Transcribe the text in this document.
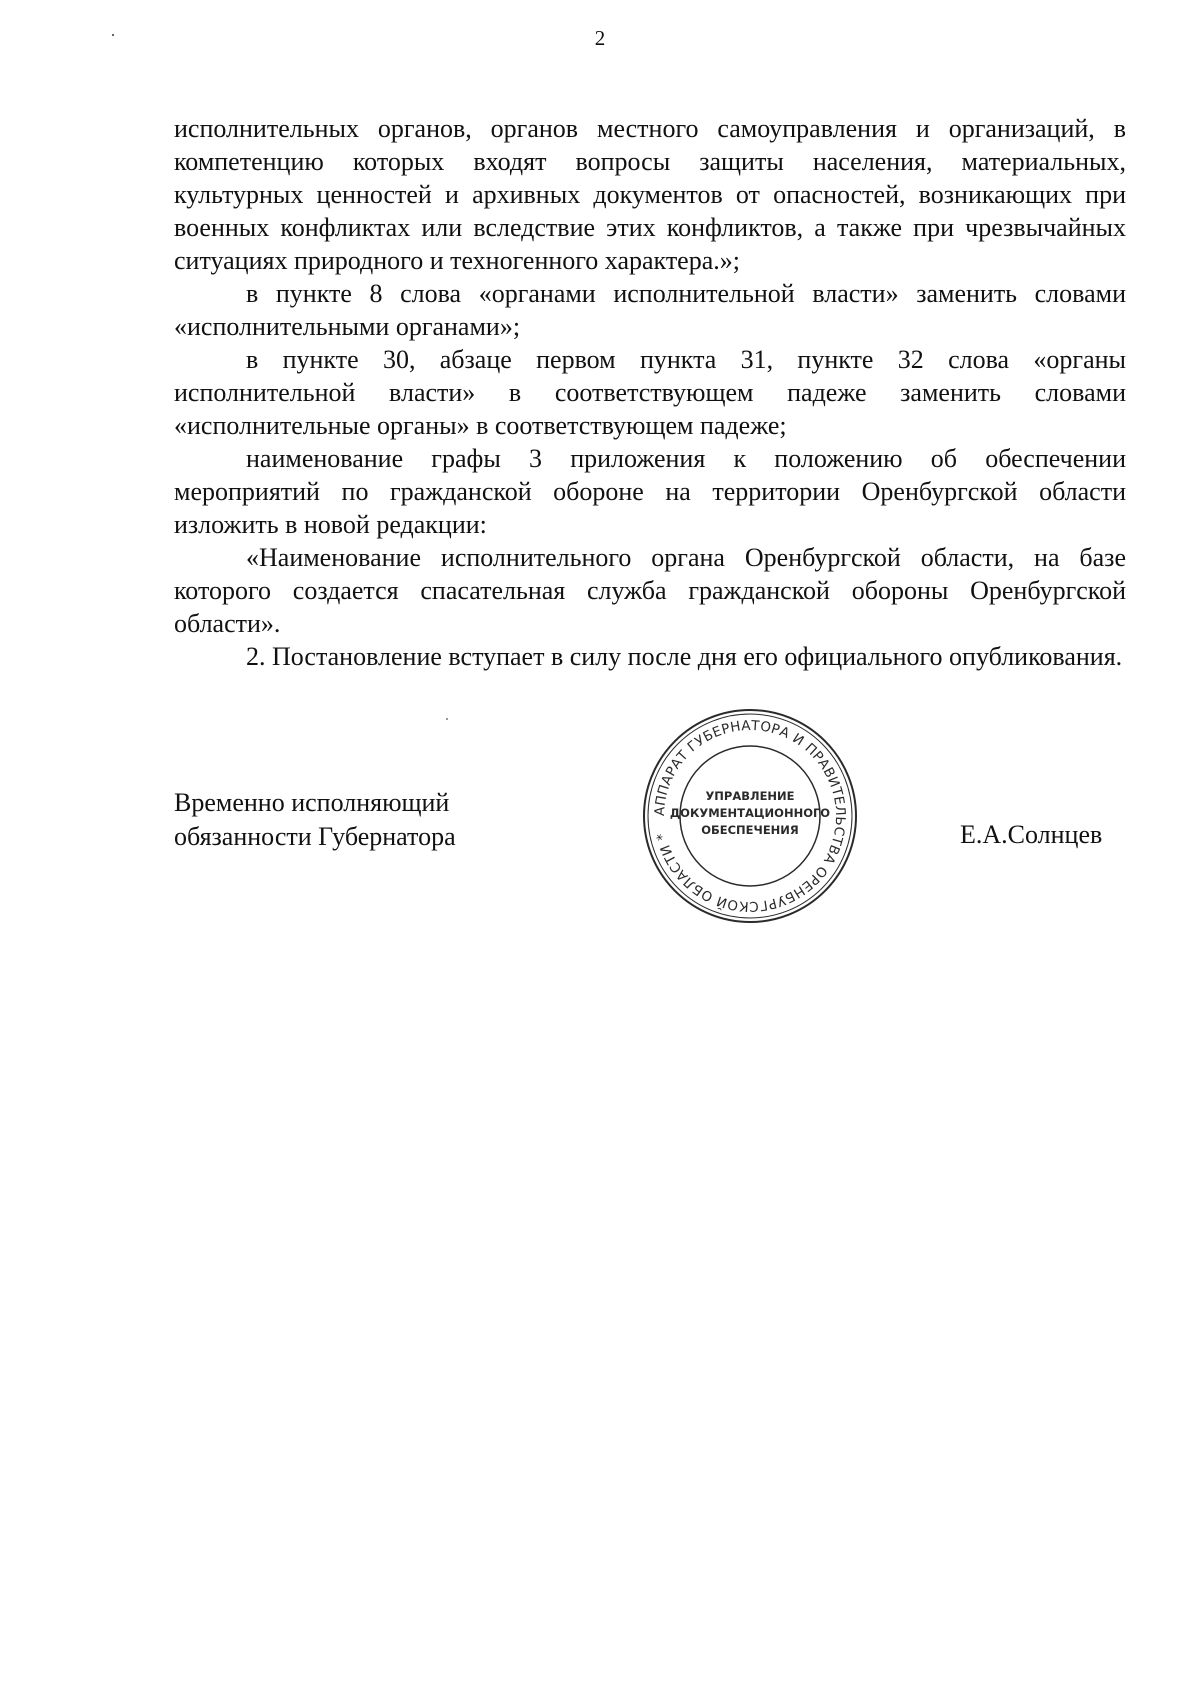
2

исполнительных органов, органов местного самоуправления и организаций, в компетенцию которых входят вопросы защиты населения, материальных, культурных ценностей и архивных документов от опасностей, возникающих при военных конфликтах или вследствие этих конфликтов, а также при чрезвычайных ситуациях природного и техногенного характера.»;

в пункте 8 слова «органами исполнительной власти» заменить словами «исполнительными органами»;

в пункте 30, абзаце первом пункта 31, пункте 32 слова «органы исполнительной власти» в соответствующем падеже заменить словами «исполнительные органы» в соответствующем падеже;

наименование графы 3 приложения к положению об обеспечении мероприятий по гражданской обороне на территории Оренбургской области изложить в новой редакции:

«Наименование исполнительного органа Оренбургской области, на базе которого создается спасательная служба гражданской обороны Оренбургской области».

2. Постановление вступает в силу после дня его официального опубликования.

Временно исполняющий
обязанности Губернатора
АППАРАТ ГУБЕРНАТОРА И ПРАВИТЕЛЬСТВА ОРЕНБУРГСКОЙ ОБЛАСТИ *
УПРАВЛЕНИЕ
ДОКУМЕНТАЦИОННОГО
ОБЕСПЕЧЕНИЯ	Е.А.Солнцев
